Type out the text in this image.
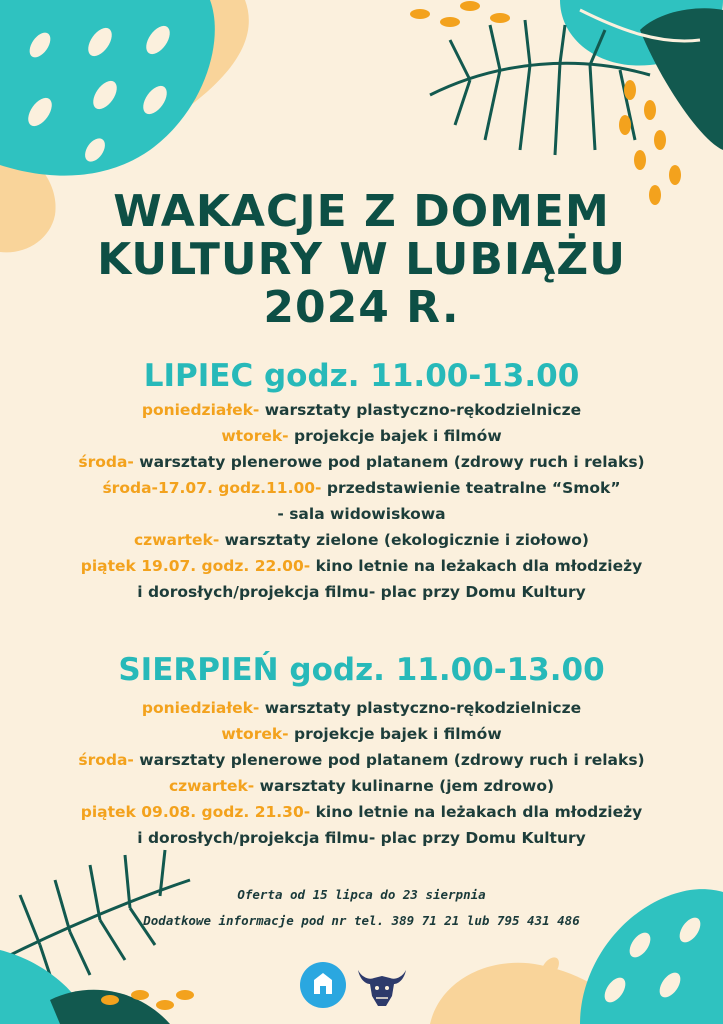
WAKACJE Z DOMEM
KULTURY W LUBIĄŻU
2024 R.
LIPIEC godz. 11.00-13.00
poniedziałek- warsztaty plastyczno-rękodzielnicze
wtorek- projekcje bajek i filmów
środa- warsztaty plenerowe pod platanem (zdrowy ruch i relaks)
środa-17.07. godz.11.00- przedstawienie teatralne “Smok”
- sala widowiskowa
czwartek- warsztaty zielone (ekologicznie i ziołowo)
piątek 19.07. godz. 22.00- kino letnie na leżakach dla młodzieży
i dorosłych/projekcja filmu- plac przy Domu Kultury
SIERPIEŃ godz. 11.00-13.00
poniedziałek- warsztaty plastyczno-rękodzielnicze
wtorek- projekcje bajek i filmów
środa- warsztaty plenerowe pod platanem (zdrowy ruch i relaks)
czwartek- warsztaty kulinarne (jem zdrowo)
piątek 09.08. godz. 21.30- kino letnie na leżakach dla młodzieży
i dorosłych/projekcja filmu- plac przy Domu Kultury
Oferta od 15 lipca do 23 sierpnia
Dodatkowe informacje pod nr tel. 389 71 21 lub 795 431 486
